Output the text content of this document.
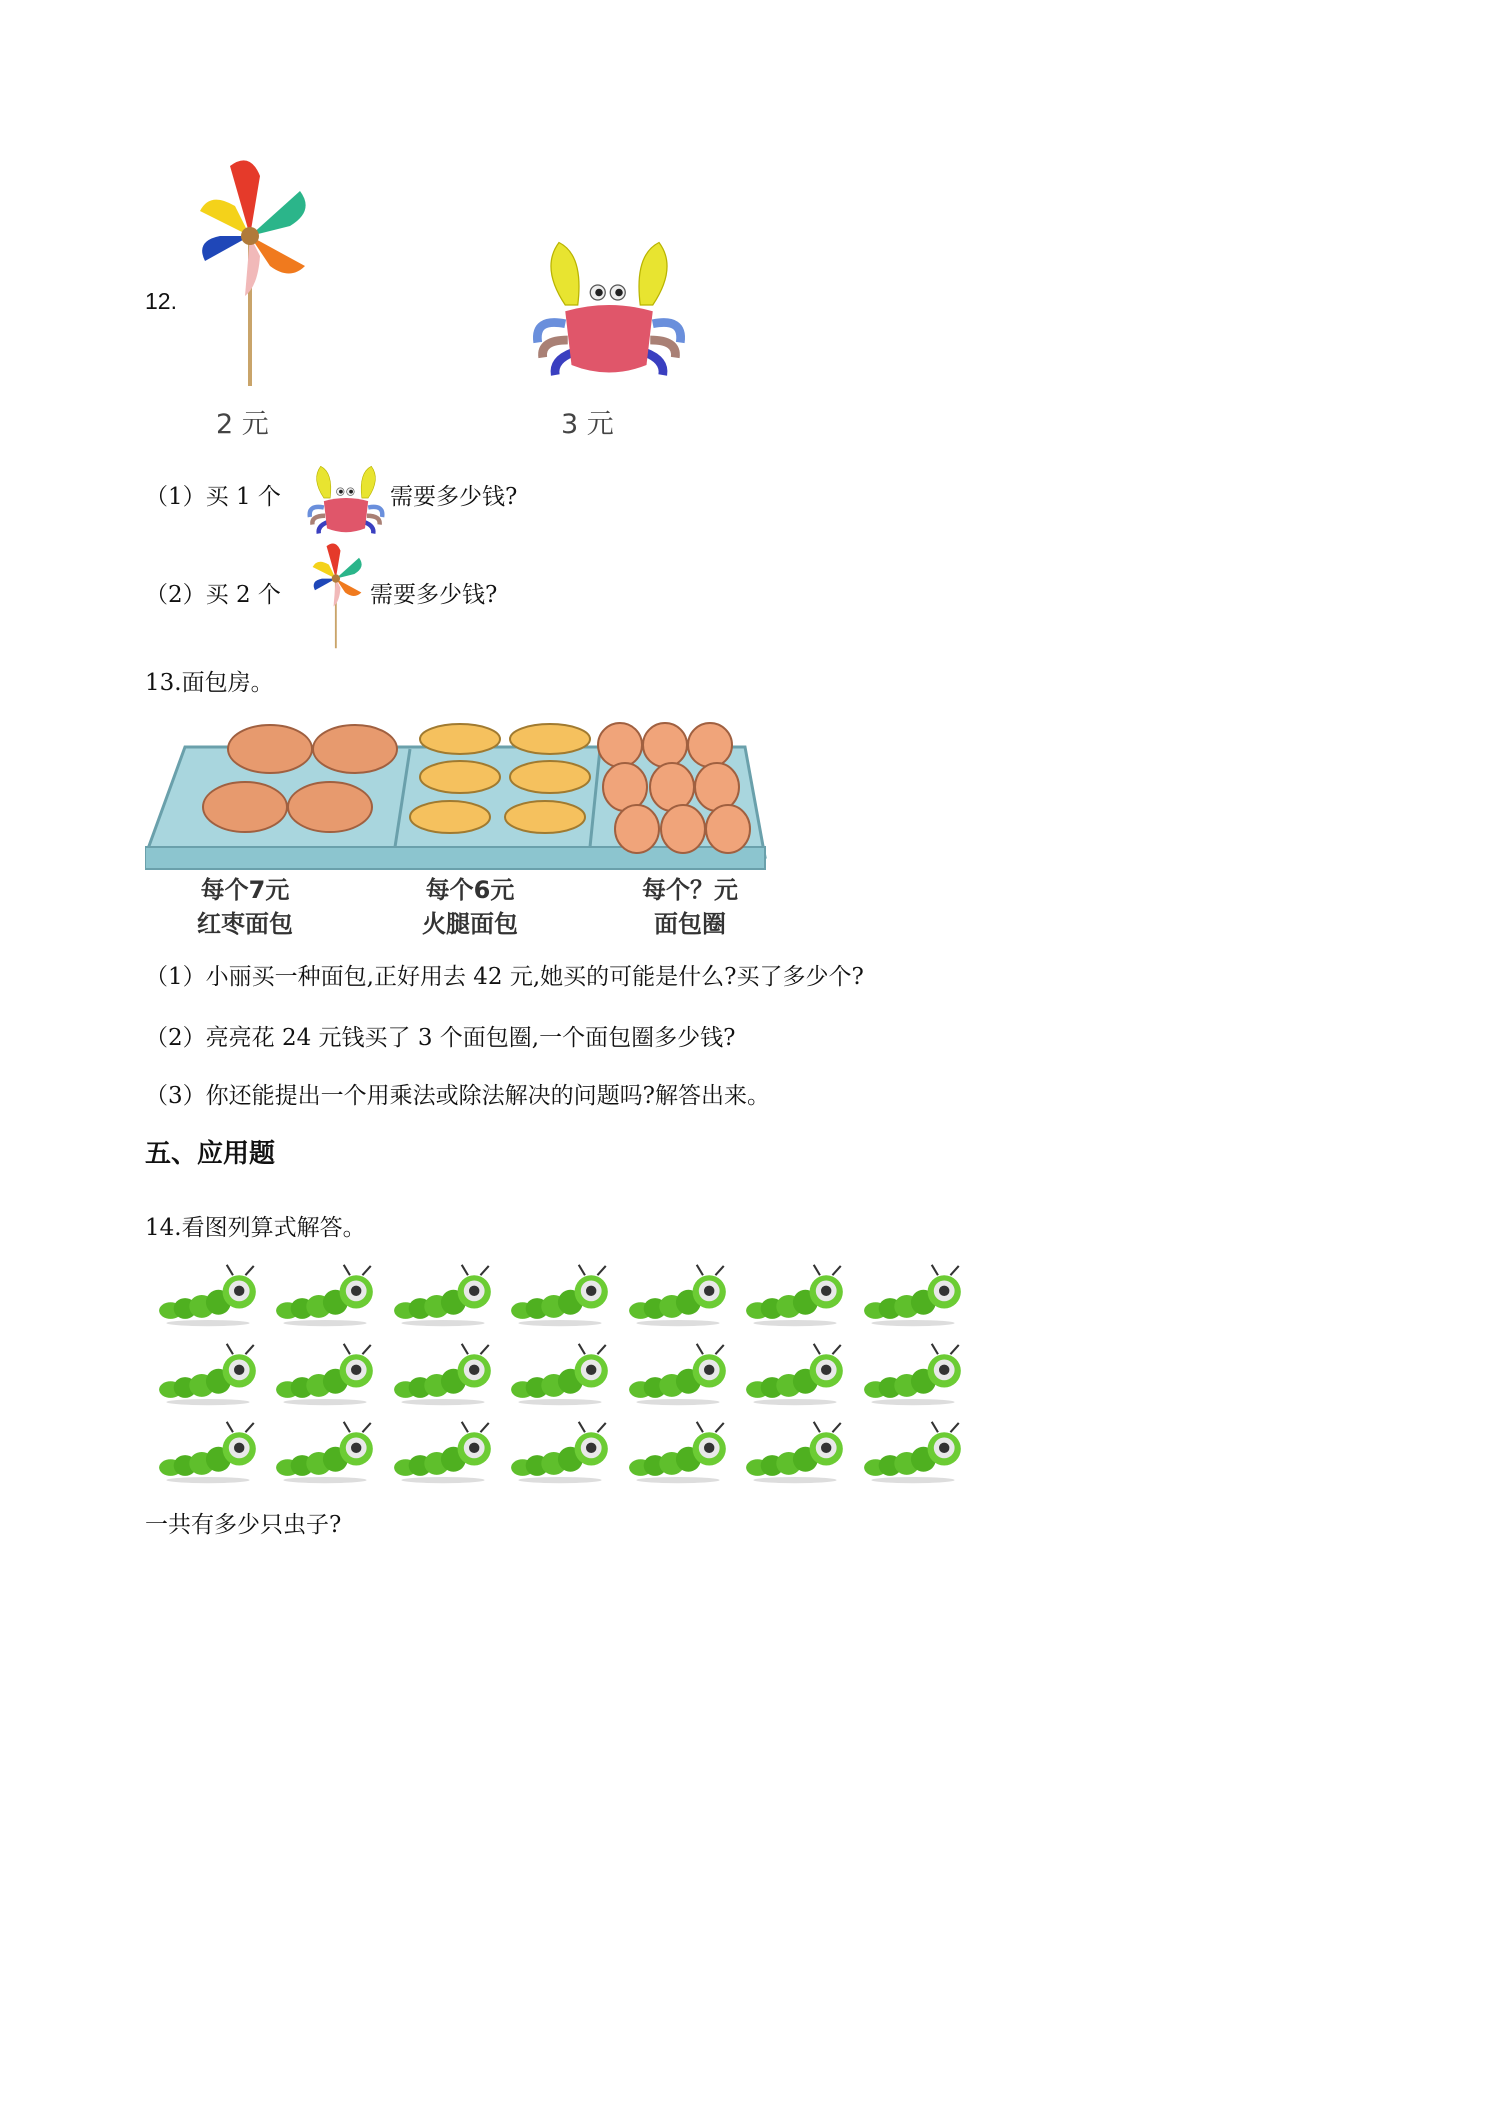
12.
2 元	3 元
（1）买 1 个	需要多少钱?
（2）买 2 个	需要多少钱?
13.面包房。
每个7元
红枣面包
每个6元
火腿面包
每个？元
面包圈
（1）小丽买一种面包,正好用去 42 元,她买的可能是什么?买了多少个?
（2）亮亮花 24 元钱买了 3 个面包圈,一个面包圈多少钱?
（3）你还能提出一个用乘法或除法解决的问题吗?解答出来。
五、应用题
14.看图列算式解答。
一共有多少只虫子?
